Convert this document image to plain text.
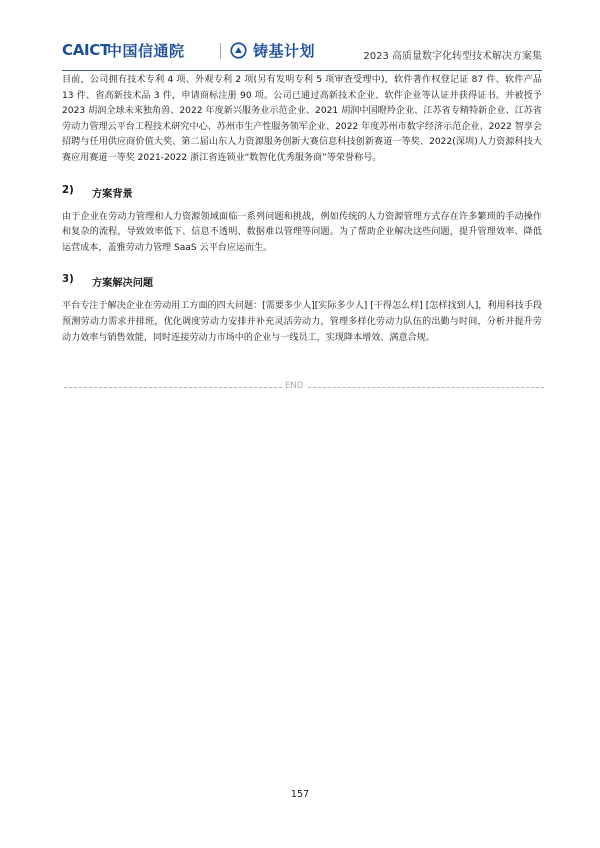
CAICT
中国信通院	铸基计划	2023 高质量数字化转型技术解决方案集

目前，公司拥有技术专利 4 项、外观专利 2 项(另有发明专利 5 项审查受理中)，软件著作权登记证 87 件、软件产品 13 件、省高新技术品 3 件，申请商标注册 90 项。公司已通过高新技术企业、软件企业等认证并获得证书。并被授予 2023 胡润全球未来独角兽、2022 年度新兴服务业示范企业、2021 胡润中国瞪羚企业、江苏省专精特新企业、江苏省劳动力管理云平台工程技术研究中心、苏州市生产性服务领军企业、2022 年度苏州市数字经济示范企业、2022 智享会招聘与任用供应商价值大奖、第二届山东人力资源服务创新大赛信息科技创新赛道一等奖、2022(深圳)人力资源科技大赛应用赛道一等奖 2021-2022 浙江省连锁业“数智化优秀服务商”等荣誉称号。

2) 方案背景

由于企业在劳动力管理和人力资源领域面临一系列问题和挑战，例如传统的人力资源管理方式存在许多繁琐的手动操作和复杂的流程，导致效率低下、信息不透明、数据难以管理等问题。为了帮助企业解决这些问题，提升管理效率、降低运营成本，盖雅劳动力管理 SaaS 云平台应运而生。

3) 方案解决问题

平台专注于解决企业在劳动用工方面的四大问题：[需要多少人][实际多少人] [干得怎么样] [怎样找到人]，利用科技手段预测劳动力需求并排班，优化调度劳动力安排并补充灵活劳动力，管理多样化劳动力队伍的出勤与时间，分析并提升劳动力效率与销售效能，同时连接劳动力市场中的企业与一线员工，实现降本增效、满意合规。

END
157
